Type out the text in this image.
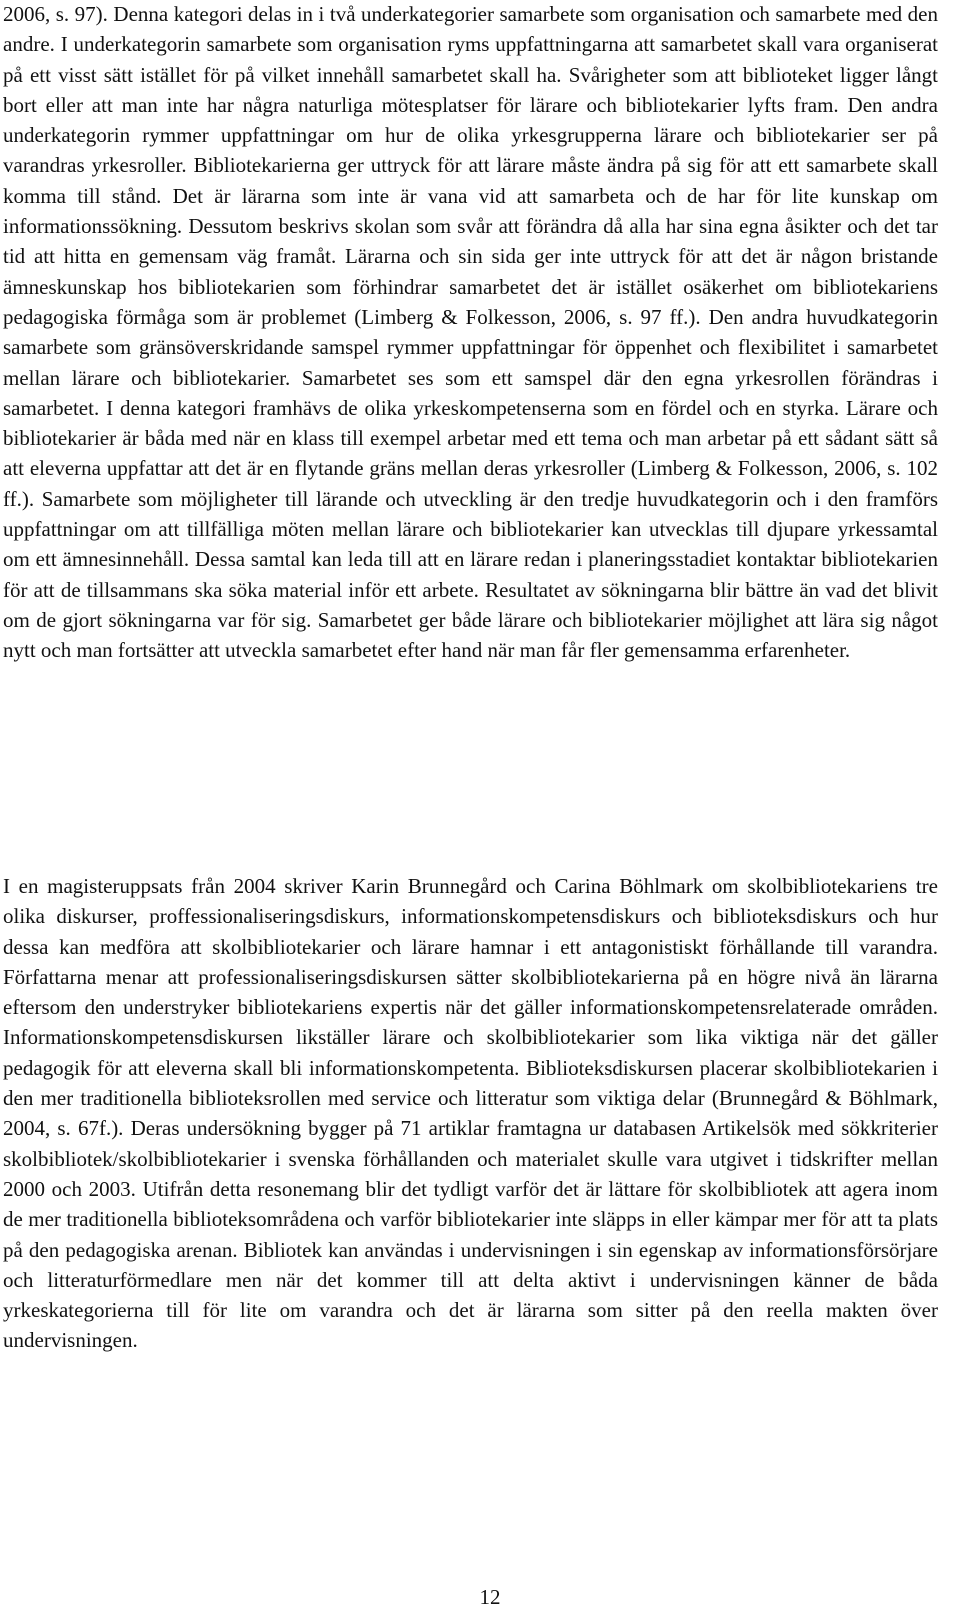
2006, s. 97). Denna kategori delas in i två underkategorier samarbete som organisation och samarbete med den andre. I underkategorin samarbete som organisation ryms uppfattningarna att samarbetet skall vara organiserat på ett visst sätt istället för på vilket innehåll samarbetet skall ha. Svårigheter som att biblioteket ligger långt bort eller att man inte har några naturliga mötesplatser för lärare och bibliotekarier lyfts fram. Den andra underkategorin rymmer uppfattningar om hur de olika yrkesgrupperna lärare och bibliotekarier ser på varandras yrkesroller. Bibliotekarierna ger uttryck för att lärare måste ändra på sig för att ett samarbete skall komma till stånd. Det är lärarna som inte är vana vid att samarbeta och de har för lite kunskap om informationssökning. Dessutom beskrivs skolan som svår att förändra då alla har sina egna åsikter och det tar tid att hitta en gemensam väg framåt. Lärarna och sin sida ger inte uttryck för att det är någon bristande ämneskunskap hos bibliotekarien som förhindrar samarbetet det är istället osäkerhet om bibliotekariens pedagogiska förmåga som är problemet (Limberg & Folkesson, 2006, s. 97 ff.). Den andra huvudkategorin samarbete som gränsöverskridande samspel rymmer uppfattningar för öppenhet och flexibilitet i samarbetet mellan lärare och bibliotekarier. Samarbetet ses som ett samspel där den egna yrkesrollen förändras i samarbetet. I denna kategori framhävs de olika yrkeskompetenserna som en fördel och en styrka. Lärare och bibliotekarier är båda med när en klass till exempel arbetar med ett tema och man arbetar på ett sådant sätt så att eleverna uppfattar att det är en flytande gräns mellan deras yrkesroller (Limberg & Folkesson, 2006, s. 102 ff.). Samarbete som möjligheter till lärande och utveckling är den tredje huvudkategorin och i den framförs uppfattningar om att tillfälliga möten mellan lärare och bibliotekarier kan utvecklas till djupare yrkessamtal om ett ämnesinnehåll. Dessa samtal kan leda till att en lärare redan i planeringsstadiet kontaktar bibliotekarien för att de tillsammans ska söka material inför ett arbete. Resultatet av sökningarna blir bättre än vad det blivit om de gjort sökningarna var för sig. Samarbetet ger både lärare och bibliotekarier möjlighet att lära sig något nytt och man fortsätter att utveckla samarbetet efter hand när man får fler gemensamma erfarenheter.

I en magisteruppsats från 2004 skriver Karin Brunnegård och Carina Böhlmark om skolbibliotekariens tre olika diskurser, proffessionaliseringsdiskurs, informationskompetensdiskurs och biblioteksdiskurs och hur dessa kan medföra att skolbibliotekarier och lärare hamnar i ett antagonistiskt förhållande till varandra. Författarna menar att professionaliseringsdiskursen sätter skolbibliotekarierna på en högre nivå än lärarna eftersom den understryker bibliotekariens expertis när det gäller informationskompetensrelaterade områden. Informationskompetensdiskursen likställer lärare och skolbibliotekarier som lika viktiga när det gäller pedagogik för att eleverna skall bli informationskompetenta. Biblioteksdiskursen placerar skolbibliotekarien i den mer traditionella biblioteksrollen med service och litteratur som viktiga delar (Brunnegård & Böhlmark, 2004, s. 67f.). Deras undersökning bygger på 71 artiklar framtagna ur databasen Artikelsök med sökkriterier skolbibliotek/skolbibliotekarier i svenska förhållanden och materialet skulle vara utgivet i tidskrifter mellan 2000 och 2003. Utifrån detta resonemang blir det tydligt varför det är lättare för skolbibliotek att agera inom de mer traditionella biblioteksområdena och varför bibliotekarier inte släpps in eller kämpar mer för att ta plats på den pedagogiska arenan. Bibliotek kan användas i undervisningen i sin egenskap av informationsförsörjare och litteraturförmedlare men när det kommer till att delta aktivt i undervisningen känner de båda yrkeskategorierna till för lite om varandra och det är lärarna som sitter på den reella makten över undervisningen.

12
